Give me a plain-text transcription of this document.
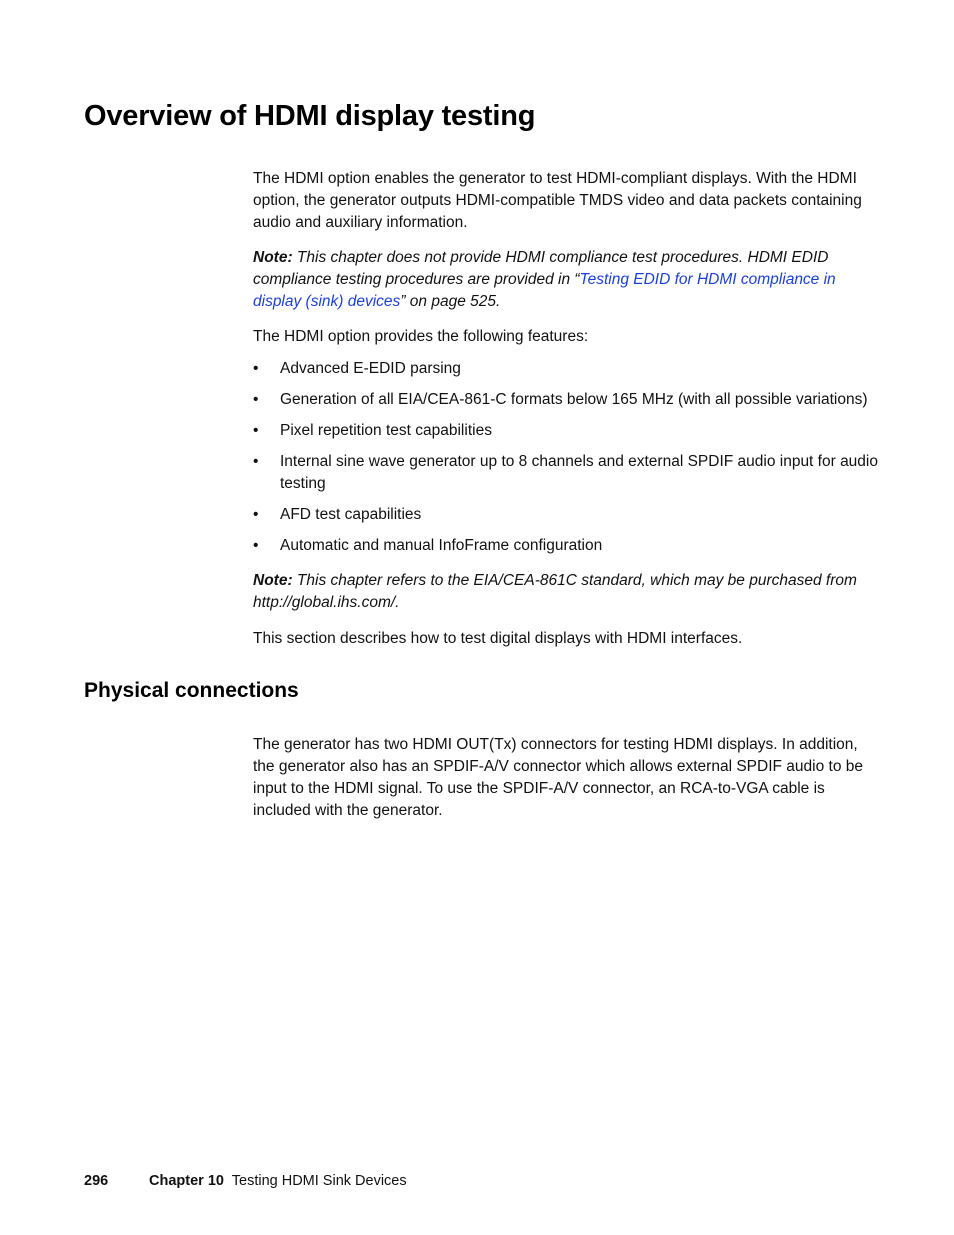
Overview of HDMI display testing

The HDMI option enables the generator to test HDMI-compliant displays. With the HDMI option, the generator outputs HDMI-compatible TMDS video and data packets containing audio and auxiliary information.

Note: This chapter does not provide HDMI compliance test procedures. HDMI EDID compliance testing procedures are provided in “Testing EDID for HDMI compliance in display (sink) devices” on page 525.

The HDMI option provides the following features:

• Advanced E-EDID parsing
• Generation of all EIA/CEA-861-C formats below 165 MHz (with all possible variations)
• Pixel repetition test capabilities
• Internal sine wave generator up to 8 channels and external SPDIF audio input for audio testing
• AFD test capabilities
• Automatic and manual InfoFrame configuration

Note: This chapter refers to the EIA/CEA-861C standard, which may be purchased from http://global.ihs.com/.

This section describes how to test digital displays with HDMI interfaces.

Physical connections

The generator has two HDMI OUT(Tx) connectors for testing HDMI displays. In addition, the generator also has an SPDIF-A/V connector which allows external SPDIF audio to be input to the HDMI signal. To use the SPDIF-A/V connector, an RCA-to-VGA cable is included with the generator.

296	Chapter 10 Testing HDMI Sink Devices
